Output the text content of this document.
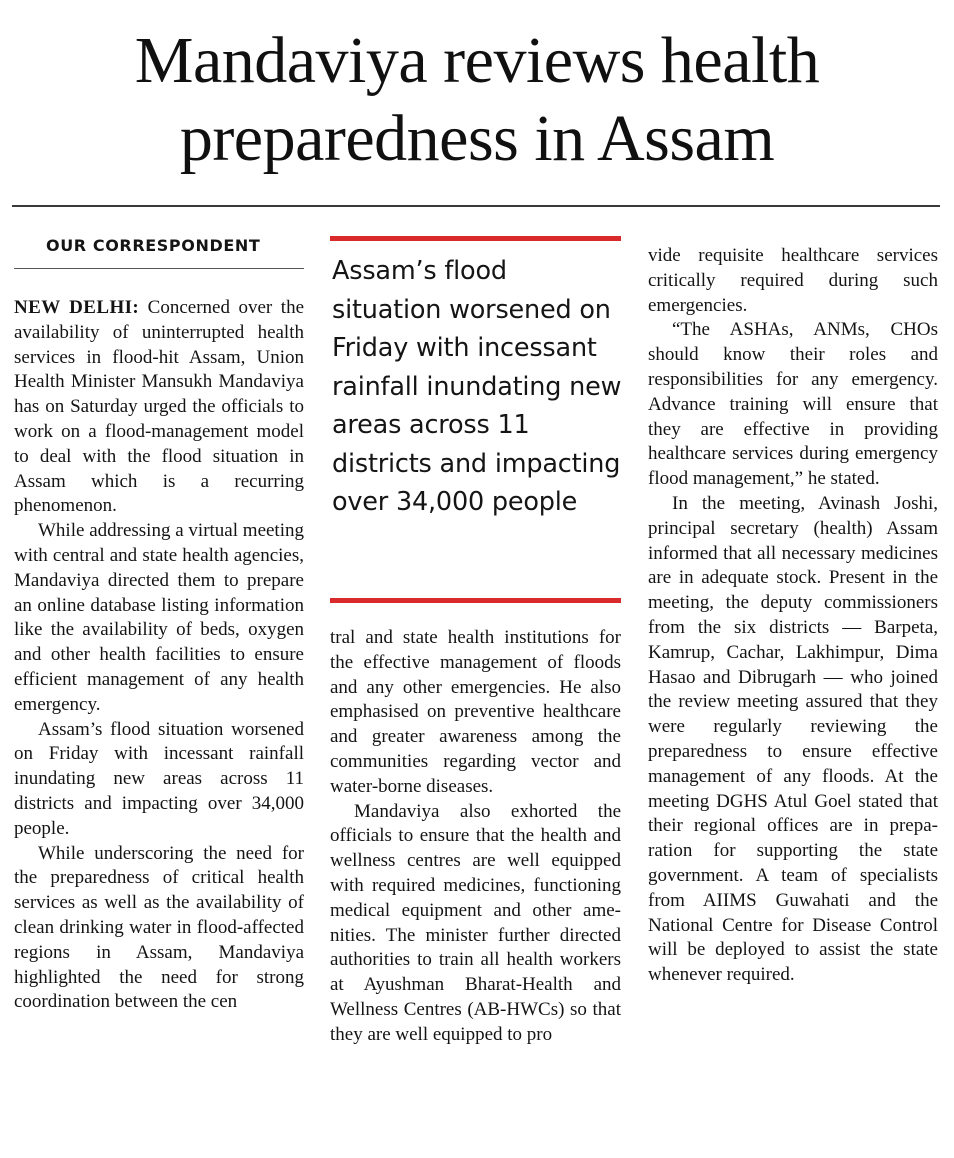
Mandaviya reviews health
preparedness in Assam
OUR CORRESPONDENT

NEW DELHI: Concerned over the availability of uninterrupted health services in flood-hit Assam, Union Health Minister Mansukh Mandaviya has on Saturday urged the officials to work on a flood-management model to deal with the flood situation in Assam which is a recurring phenomenon.

While addressing a virtual meeting with central and state health agencies, Mandaviya directed them to prepare an online database listing information like the availability of beds, oxygen and other health facilities to ensure efficient management of any health emergency.

Assam’s flood situation worsened on Friday with incessant rainfall inundating new areas across 11 districts and impacting over 34,000 people.

While underscoring the need for the preparedness of critical health services as well as the availability of clean drinking water in flood-affected regions in Assam, Mandaviya highlighted the need for strong coordination between the cen

Assam’s flood situation worsened on Friday with incessant rainfall inundating new areas across 11 districts and impacting over 34,000 people

tral and state health institutions for the effective management of floods and any other emergencies. He also emphasised on preventive healthcare and greater awareness among the communities regarding vector and water-borne diseases.

Mandaviya also exhorted the officials to ensure that the health and wellness centres are well equipped with required medicines, functioning medical equipment and other amenities. The minister further directed authorities to train all health workers at Ayushman Bharat-Health and Wellness Centres (AB-HWCs) so that they are well equipped to pro

vide requisite healthcare services critically required during such emergencies.

“The ASHAs, ANMs, CHOs should know their roles and responsibilities for any emergency. Advance training will ensure that they are effective in providing healthcare services during emergency flood management,” he stated.

In the meeting, Avinash Joshi, principal secretary (health) Assam informed that all necessary medicines are in adequate stock. Present in the meeting, the deputy commissioners from the six districts — Barpeta, Kamrup, Cachar, Lakhimpur, Dima Hasao and Dibrugarh — who joined the review meeting assured that they were regularly reviewing the preparedness to ensure effective management of any floods. At the meeting DGHS Atul Goel stated that their regional offices are in preparation for supporting the state government. A team of specialists from AIIMS Guwahati and the National Centre for Disease Control will be deployed to assist the state whenever required.
